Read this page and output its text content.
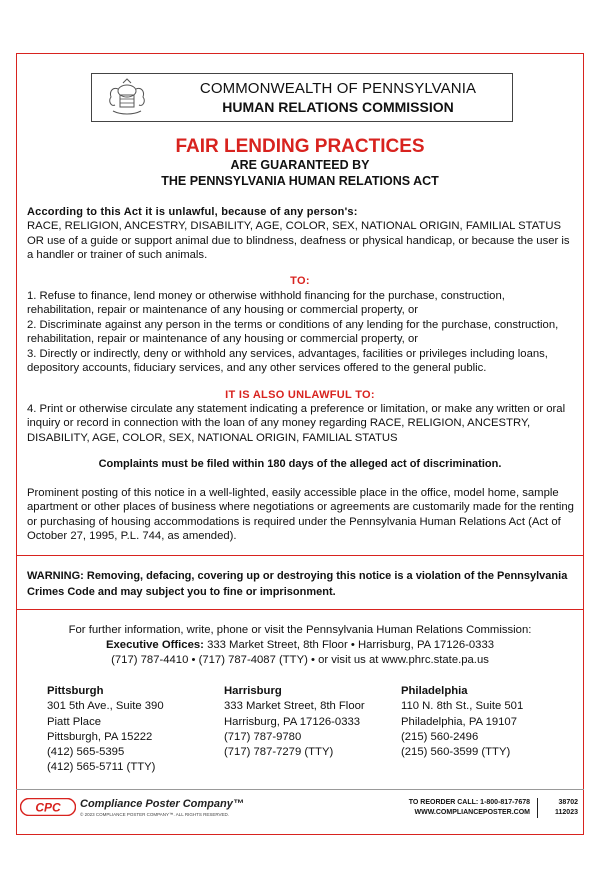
COMMONWEALTH OF PENNSYLVANIA
HUMAN RELATIONS COMMISSION
FAIR LENDING PRACTICES
ARE GUARANTEED BY
THE PENNSYLVANIA HUMAN RELATIONS ACT
According to this Act it is unlawful, because of any person's:
RACE, RELIGION, ANCESTRY, DISABILITY, AGE, COLOR, SEX, NATIONAL ORIGIN, FAMILIAL STATUS OR use of a guide or support animal due to blindness, deafness or physical handicap, or because the user is a handler or trainer of such animals.
TO:
1. Refuse to finance, lend money or otherwise withhold financing for the purchase, construction, rehabilitation, repair or maintenance of any housing or commercial property, or
2. Discriminate against any person in the terms or conditions of any lending for the purchase, construction, rehabilitation, repair or maintenance of any housing or commercial property, or
3. Directly or indirectly, deny or withhold any services, advantages, facilities or privileges including loans, depository accounts, fiduciary services, and any other services offered to the general public.
IT IS ALSO UNLAWFUL TO:
4. Print or otherwise circulate any statement indicating a preference or limitation, or make any written or oral inquiry or record in connection with the loan of any money regarding RACE, RELIGION, ANCESTRY, DISABILITY, AGE, COLOR, SEX, NATIONAL ORIGIN, FAMILIAL STATUS
Complaints must be filed within 180 days of the alleged act of discrimination.
Prominent posting of this notice in a well-lighted, easily accessible place in the office, model home, sample apartment or other places of business where negotiations or agreements are customarily made for the renting or purchasing of housing accommodations is required under the Pennsylvania Human Relations Act (Act of October 27, 1995, P.L. 744, as amended).
WARNING: Removing, defacing, covering up or destroying this notice is a violation of the Pennsylvania Crimes Code and may subject you to fine or imprisonment.
For further information, write, phone or visit the Pennsylvania Human Relations Commission:
Executive Offices: 333 Market Street, 8th Floor • Harrisburg, PA 17126-0333
(717) 787-4410 • (717) 787-4087 (TTY) • or visit us at www.phrc.state.pa.us
Pittsburgh
301 5th Ave., Suite 390
Piatt Place
Pittsburgh, PA 15222
(412) 565-5395
(412) 565-5711 (TTY)
Harrisburg
333 Market Street, 8th Floor
Harrisburg, PA 17126-0333
(717) 787-9780
(717) 787-7279 (TTY)
Philadelphia
110 N. 8th St., Suite 501
Philadelphia, PA 19107
(215) 560-2496
(215) 560-3599 (TTY)
CPC Compliance Poster Company™
© 2023 COMPLIANCE POSTER COMPANY™. ALL RIGHTS RESERVED.
TO REORDER CALL: 1-800-817-7678
WWW.COMPLIANCEPOSTER.COM
38702
112023
